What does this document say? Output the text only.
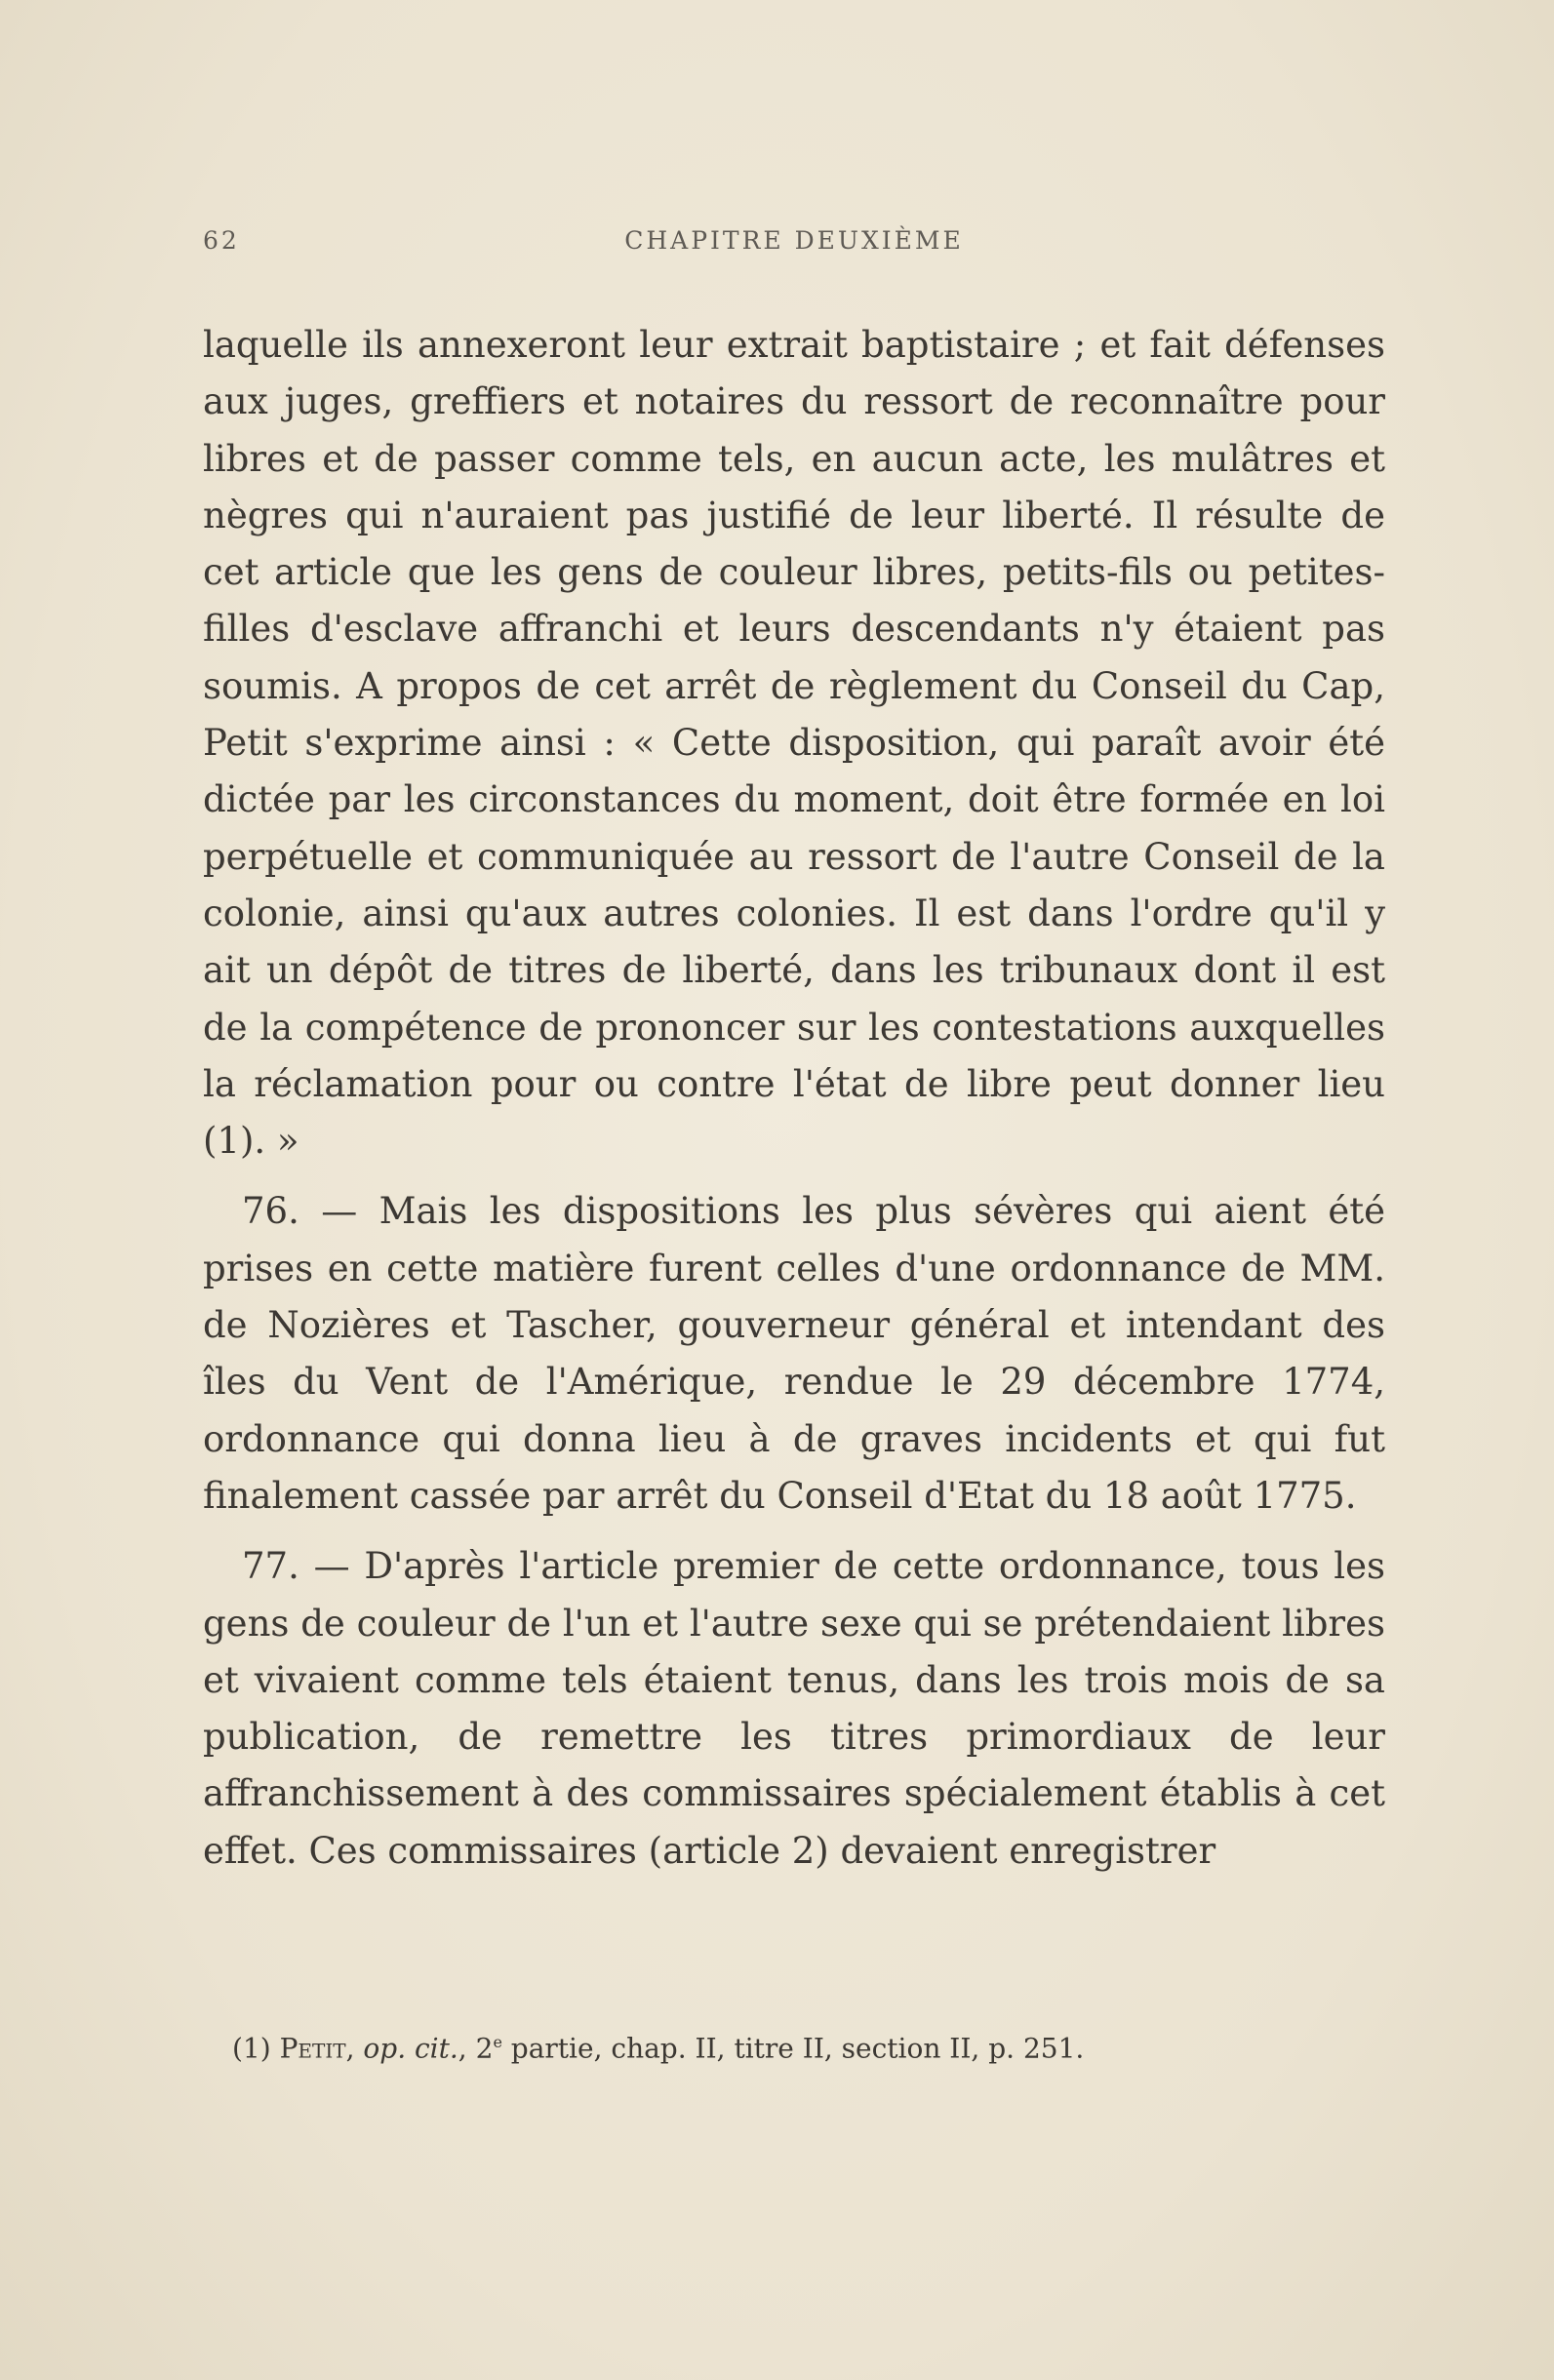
62	CHAPITRE DEUXIÈME

laquelle ils annexeront leur extrait baptistaire ; et fait défenses aux juges, greffiers et notaires du ressort de reconnaître pour libres et de passer comme tels, en aucun acte, les mulâtres et nègres qui n'auraient pas justifié de leur liberté. Il résulte de cet article que les gens de couleur libres, petits-fils ou petites-filles d'esclave affranchi et leurs descendants n'y étaient pas soumis. A propos de cet arrêt de règlement du Conseil du Cap, Petit s'exprime ainsi : « Cette disposition, qui paraît avoir été dictée par les circonstances du moment, doit être formée en loi perpétuelle et communiquée au ressort de l'autre Conseil de la colonie, ainsi qu'aux autres colonies. Il est dans l'ordre qu'il y ait un dépôt de titres de liberté, dans les tribunaux dont il est de la compétence de prononcer sur les contestations auxquelles la réclamation pour ou contre l'état de libre peut donner lieu (1). »

76. — Mais les dispositions les plus sévères qui aient été prises en cette matière furent celles d'une ordonnance de MM. de Nozières et Tascher, gouverneur général et intendant des îles du Vent de l'Amérique, rendue le 29 décembre 1774, ordonnance qui donna lieu à de graves incidents et qui fut finalement cassée par arrêt du Conseil d'Etat du 18 août 1775.

77. — D'après l'article premier de cette ordonnance, tous les gens de couleur de l'un et l'autre sexe qui se prétendaient libres et vivaient comme tels étaient tenus, dans les trois mois de sa publication, de remettre les titres primordiaux de leur affranchissement à des commissaires spécialement établis à cet effet. Ces commissaires (article 2) devaient enregistrer

(1) Petit, op. cit., 2e partie, chap. II, titre II, section II, p. 251.
